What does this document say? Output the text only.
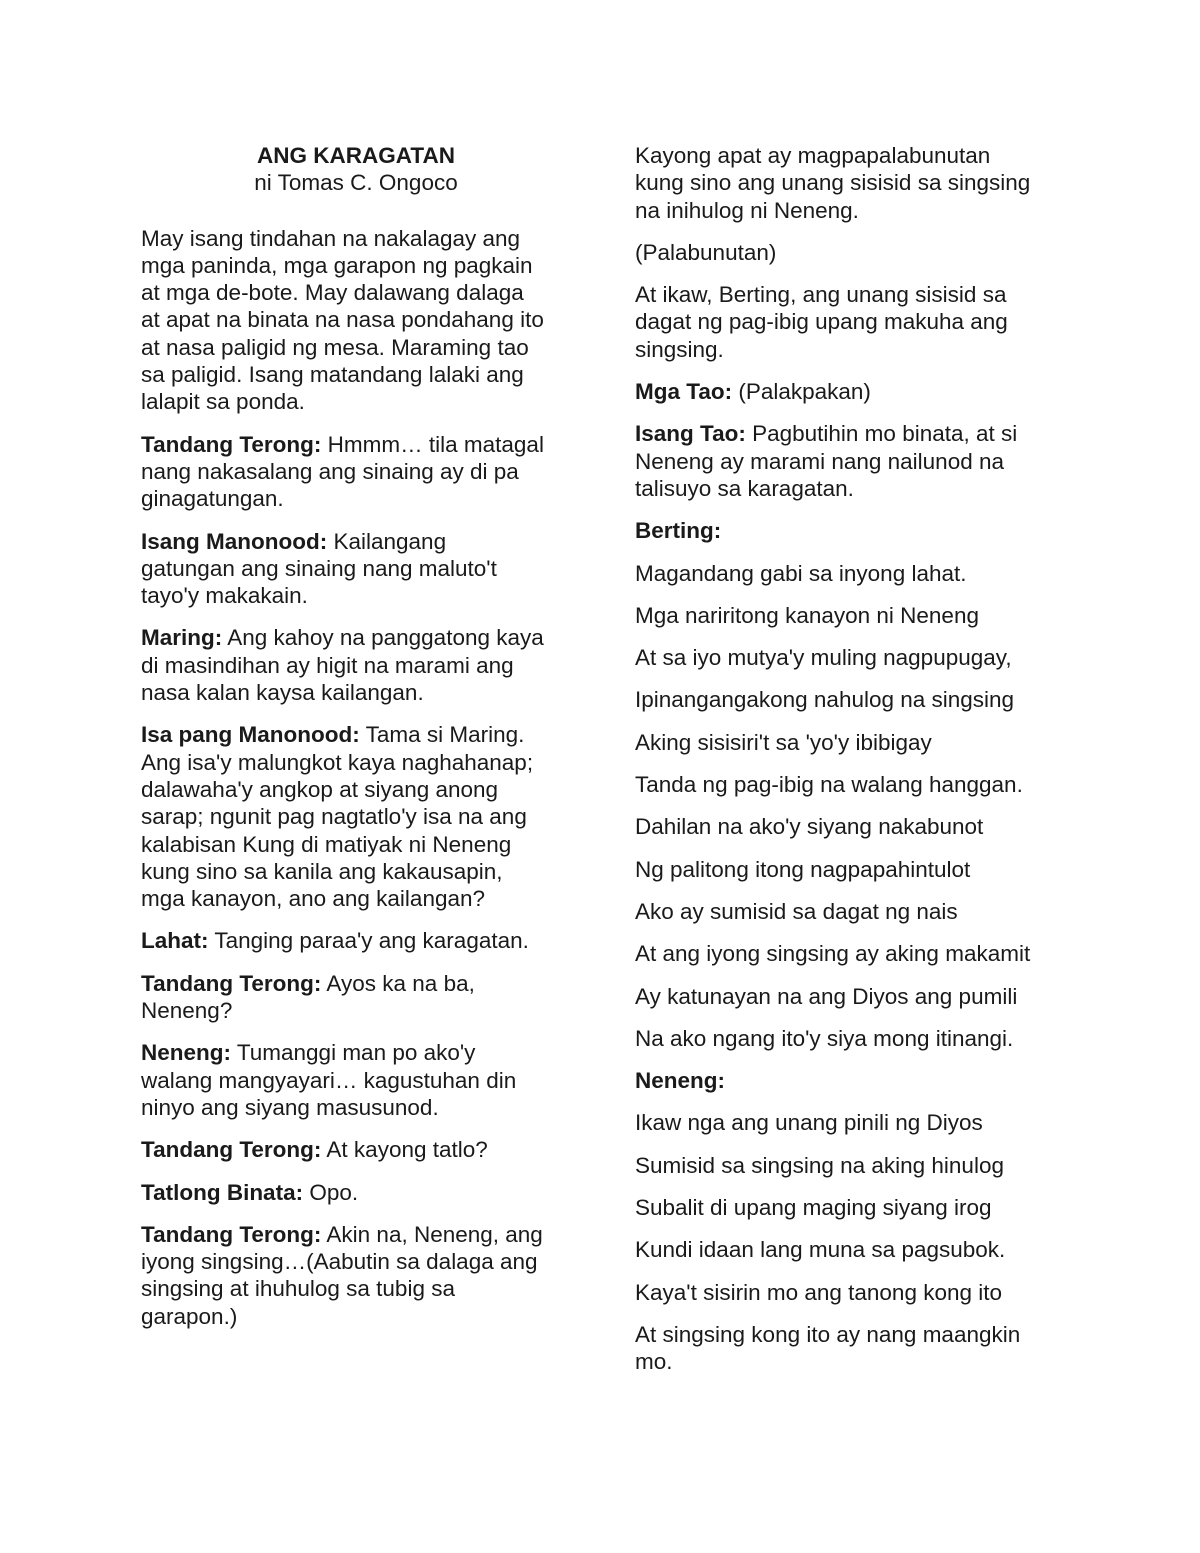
ANG KARAGATAN
ni Tomas C. Ongoco

May isang tindahan na nakalagay ang
mga paninda, mga garapon ng pagkain
at mga de-bote. May dalawang dalaga
at apat na binata na nasa pondahang ito
at nasa paligid ng mesa. Maraming tao
sa paligid. Isang matandang lalaki ang
lalapit sa ponda.

Tandang Terong: Hmmm… tila matagal
nang nakasalang ang sinaing ay di pa
ginagatungan.

Isang Manonood: Kailangang
gatungan ang sinaing nang maluto't
tayo'y makakain.

Maring: Ang kahoy na panggatong kaya
di masindihan ay higit na marami ang
nasa kalan kaysa kailangan.

Isa pang Manonood: Tama si Maring.
Ang isa'y malungkot kaya naghahanap;
dalawaha'y angkop at siyang anong
sarap; ngunit pag nagtatlo'y isa na ang
kalabisan Kung di matiyak ni Neneng
kung sino sa kanila ang kakausapin,
mga kanayon, ano ang kailangan?

Lahat: Tanging paraa'y ang karagatan.

Tandang Terong: Ayos ka na ba,
Neneng?

Neneng: Tumanggi man po ako'y
walang mangyayari… kagustuhan din
ninyo ang siyang masusunod.

Tandang Terong: At kayong tatlo?

Tatlong Binata: Opo.

Tandang Terong: Akin na, Neneng, ang
iyong singsing…(Aabutin sa dalaga ang
singsing at ihuhulog sa tubig sa
garapon.)

Kayong apat ay magpapalabunutan
kung sino ang unang sisisid sa singsing
na inihulog ni Neneng.

(Palabunutan)

At ikaw, Berting, ang unang sisisid sa
dagat ng pag-ibig upang makuha ang
singsing.

Mga Tao: (Palakpakan)

Isang Tao: Pagbutihin mo binata, at si
Neneng ay marami nang nailunod na
talisuyo sa karagatan.

Berting:

Magandang gabi sa inyong lahat.

Mga nariritong kanayon ni Neneng

At sa iyo mutya'y muling nagpupugay,

Ipinangangakong nahulog na singsing

Aking sisisiri't sa 'yo'y ibibigay

Tanda ng pag-ibig na walang hanggan.

Dahilan na ako'y siyang nakabunot

Ng palitong itong nagpapahintulot

Ako ay sumisid sa dagat ng nais

At ang iyong singsing ay aking makamit

Ay katunayan na ang Diyos ang pumili

Na ako ngang ito'y siya mong itinangi.

Neneng:

Ikaw nga ang unang pinili ng Diyos

Sumisid sa singsing na aking hinulog

Subalit di upang maging siyang irog

Kundi idaan lang muna sa pagsubok.

Kaya't sisirin mo ang tanong kong ito

At singsing kong ito ay nang maangkin
mo.
